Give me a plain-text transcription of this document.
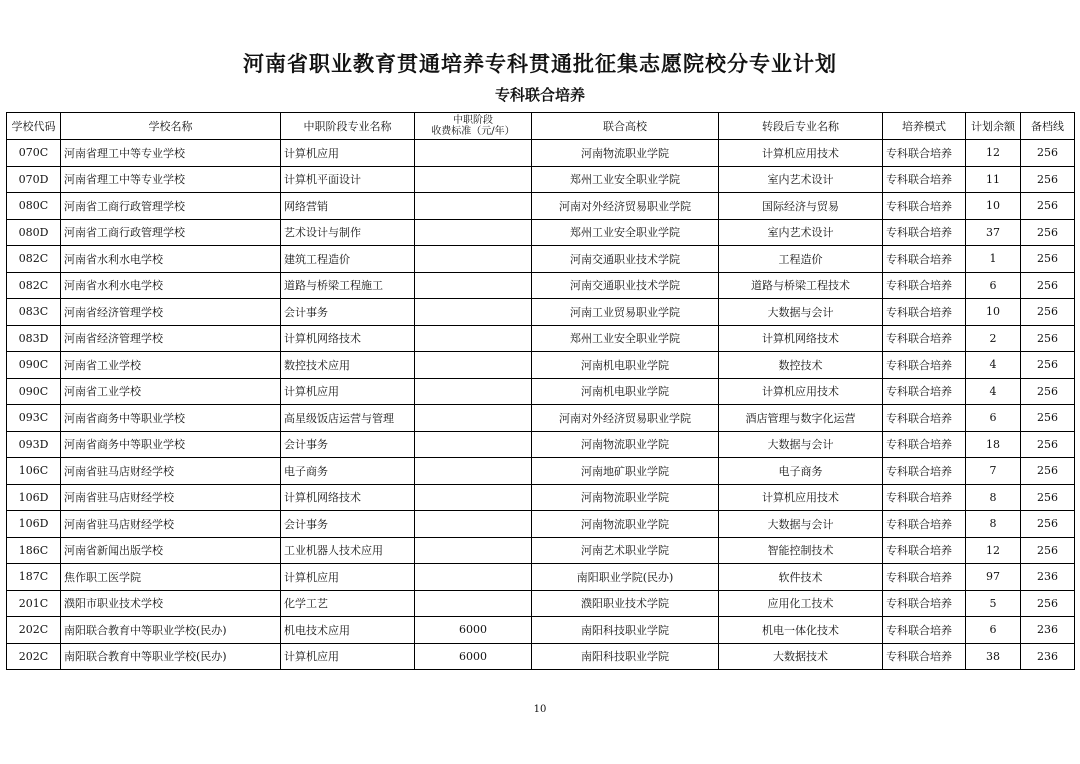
河南省职业教育贯通培养专科贯通批征集志愿院校分专业计划
专科联合培养
学校代码	学校名称	中职阶段专业名称	中职阶段
收费标准（元/年）	联合高校	转段后专业名称	培养模式	计划余额	备档线
070C	河南省理工中等专业学校	计算机应用		河南物流职业学院	计算机应用技术	专科联合培养	12	256
070D	河南省理工中等专业学校	计算机平面设计		郑州工业安全职业学院	室内艺术设计	专科联合培养	11	256
080C	河南省工商行政管理学校	网络营销		河南对外经济贸易职业学院	国际经济与贸易	专科联合培养	10	256
080D	河南省工商行政管理学校	艺术设计与制作		郑州工业安全职业学院	室内艺术设计	专科联合培养	37	256
082C	河南省水利水电学校	建筑工程造价		河南交通职业技术学院	工程造价	专科联合培养	1	256
082C	河南省水利水电学校	道路与桥梁工程施工		河南交通职业技术学院	道路与桥梁工程技术	专科联合培养	6	256
083C	河南省经济管理学校	会计事务		河南工业贸易职业学院	大数据与会计	专科联合培养	10	256
083D	河南省经济管理学校	计算机网络技术		郑州工业安全职业学院	计算机网络技术	专科联合培养	2	256
090C	河南省工业学校	数控技术应用		河南机电职业学院	数控技术	专科联合培养	4	256
090C	河南省工业学校	计算机应用		河南机电职业学院	计算机应用技术	专科联合培养	4	256
093C	河南省商务中等职业学校	高星级饭店运营与管理		河南对外经济贸易职业学院	酒店管理与数字化运营	专科联合培养	6	256
093D	河南省商务中等职业学校	会计事务		河南物流职业学院	大数据与会计	专科联合培养	18	256
106C	河南省驻马店财经学校	电子商务		河南地矿职业学院	电子商务	专科联合培养	7	256
106D	河南省驻马店财经学校	计算机网络技术		河南物流职业学院	计算机应用技术	专科联合培养	8	256
106D	河南省驻马店财经学校	会计事务		河南物流职业学院	大数据与会计	专科联合培养	8	256
186C	河南省新闻出版学校	工业机器人技术应用		河南艺术职业学院	智能控制技术	专科联合培养	12	256
187C	焦作职工医学院	计算机应用		南阳职业学院(民办)	软件技术	专科联合培养	97	236
201C	濮阳市职业技术学校	化学工艺		濮阳职业技术学院	应用化工技术	专科联合培养	5	256
202C	南阳联合教育中等职业学校(民办)	机电技术应用	6000	南阳科技职业学院	机电一体化技术	专科联合培养	6	236
202C	南阳联合教育中等职业学校(民办)	计算机应用	6000	南阳科技职业学院	大数据技术	专科联合培养	38	236
10
